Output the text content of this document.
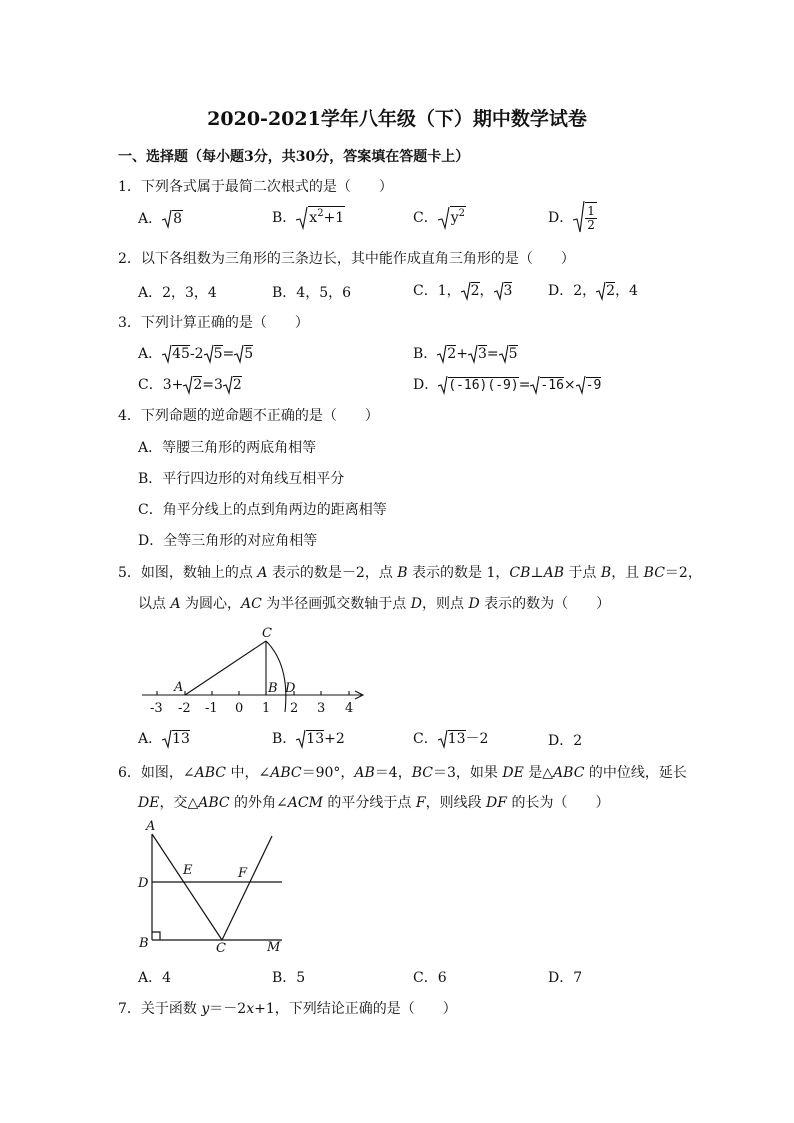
2020-2021学年八年级（下）期中数学试卷
一、选择题（每小题3分，共30分，答案填在答题卡上）
1．下列各式属于最简二次根式的是（　　）
A． 8	B． $x^2+1$	C． $y^2$	D． $\frac{1}{2}$
2．以下各组数为三角形的三条边长，其中能作成直角三角形的是（　　）
A．2，3，4	B．4，5，6	C．1， 2， 3	D．2， 2，4
3．下列计算正确的是（　　）
A． 45-2 5= 5	B． 2+ 3= 5
C．3+ 2=3 2	D． (-16)(-9)= -16× -9
4．下列命题的逆命题不正确的是（　　）
A．等腰三角形的两底角相等
B．平行四边形的对角线互相平分
C．角平分线上的点到角两边的距离相等
D．全等三角形的对应角相等
5．如图，数轴上的点 A 表示的数是－2，点 B 表示的数是 1，CB⊥AB 于点 B，且 BC＝2，
以点 A 为圆心，AC 为半径画弧交数轴于点 D，则点 D 表示的数为（　　）
-3 -2 -1 0 1 2 3 4
A
C
B D
A． 13	B． 13+2	C． 13－2	D．2
6．如图，∠ABC 中，∠ABC＝90°，AB＝4，BC＝3，如果 DE 是△ABC 的中位线，延长
DE，交△ABC 的外角∠ACM 的平分线于点 F，则线段 DF 的长为（　　）
A
E	F
D
B	C	M
A．4	B．5	C．6	D．7
7．关于函数 y＝－2x+1，下列结论正确的是（　　）
